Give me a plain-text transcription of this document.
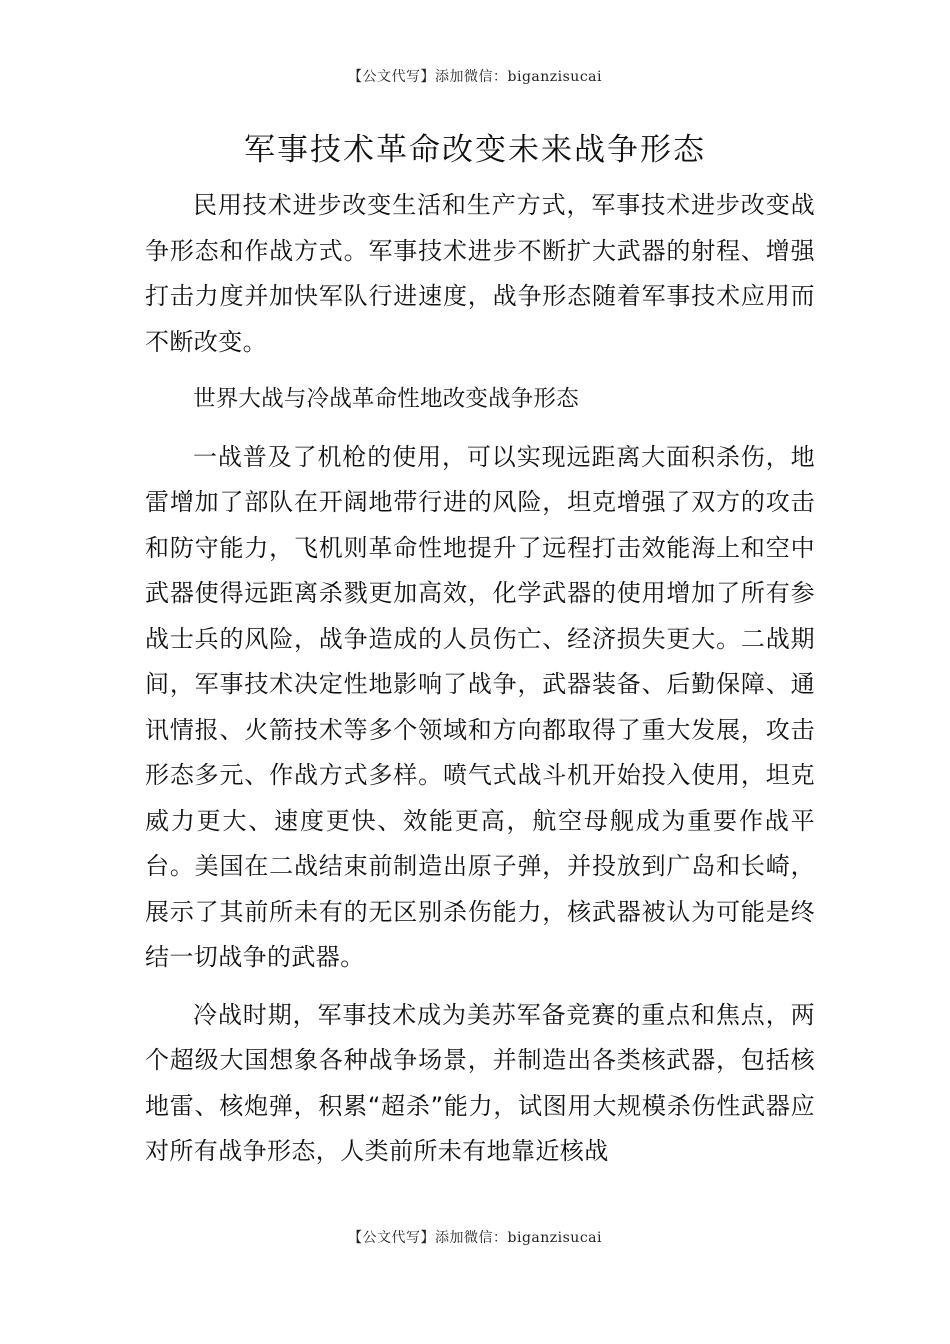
【公文代写】添加微信：biganzisucai
军事技术革命改变未来战争形态

民用技术进步改变生活和生产方式，军事技术进步改变战争形态和作战方式。军事技术进步不断扩大武器的射程、增强打击力度并加快军队行进速度，战争形态随着军事技术应用而不断改变。

世界大战与冷战革命性地改变战争形态

一战普及了机枪的使用，可以实现远距离大面积杀伤，地雷增加了部队在开阔地带行进的风险，坦克增强了双方的攻击和防守能力，飞机则革命性地提升了远程打击效能海上和空中武器使得远距离杀戮更加高效，化学武器的使用增加了所有参战士兵的风险，战争造成的人员伤亡、经济损失更大。二战期间，军事技术决定性地影响了战争，武器装备、后勤保障、通讯情报、火箭技术等多个领域和方向都取得了重大发展，攻击形态多元、作战方式多样。喷气式战斗机开始投入使用，坦克威力更大、速度更快、效能更高，航空母舰成为重要作战平台。美国在二战结束前制造出原子弹，并投放到广岛和长崎，展示了其前所未有的无区别杀伤能力，核武器被认为可能是终结一切战争的武器。

冷战时期，军事技术成为美苏军备竞赛的重点和焦点，两个超级大国想象各种战争场景，并制造出各类核武器，包括核地雷、核炮弹，积累“超杀”能力，试图用大规模杀伤性武器应对所有战争形态，人类前所未有地靠近核战

【公文代写】添加微信：biganzisucai
